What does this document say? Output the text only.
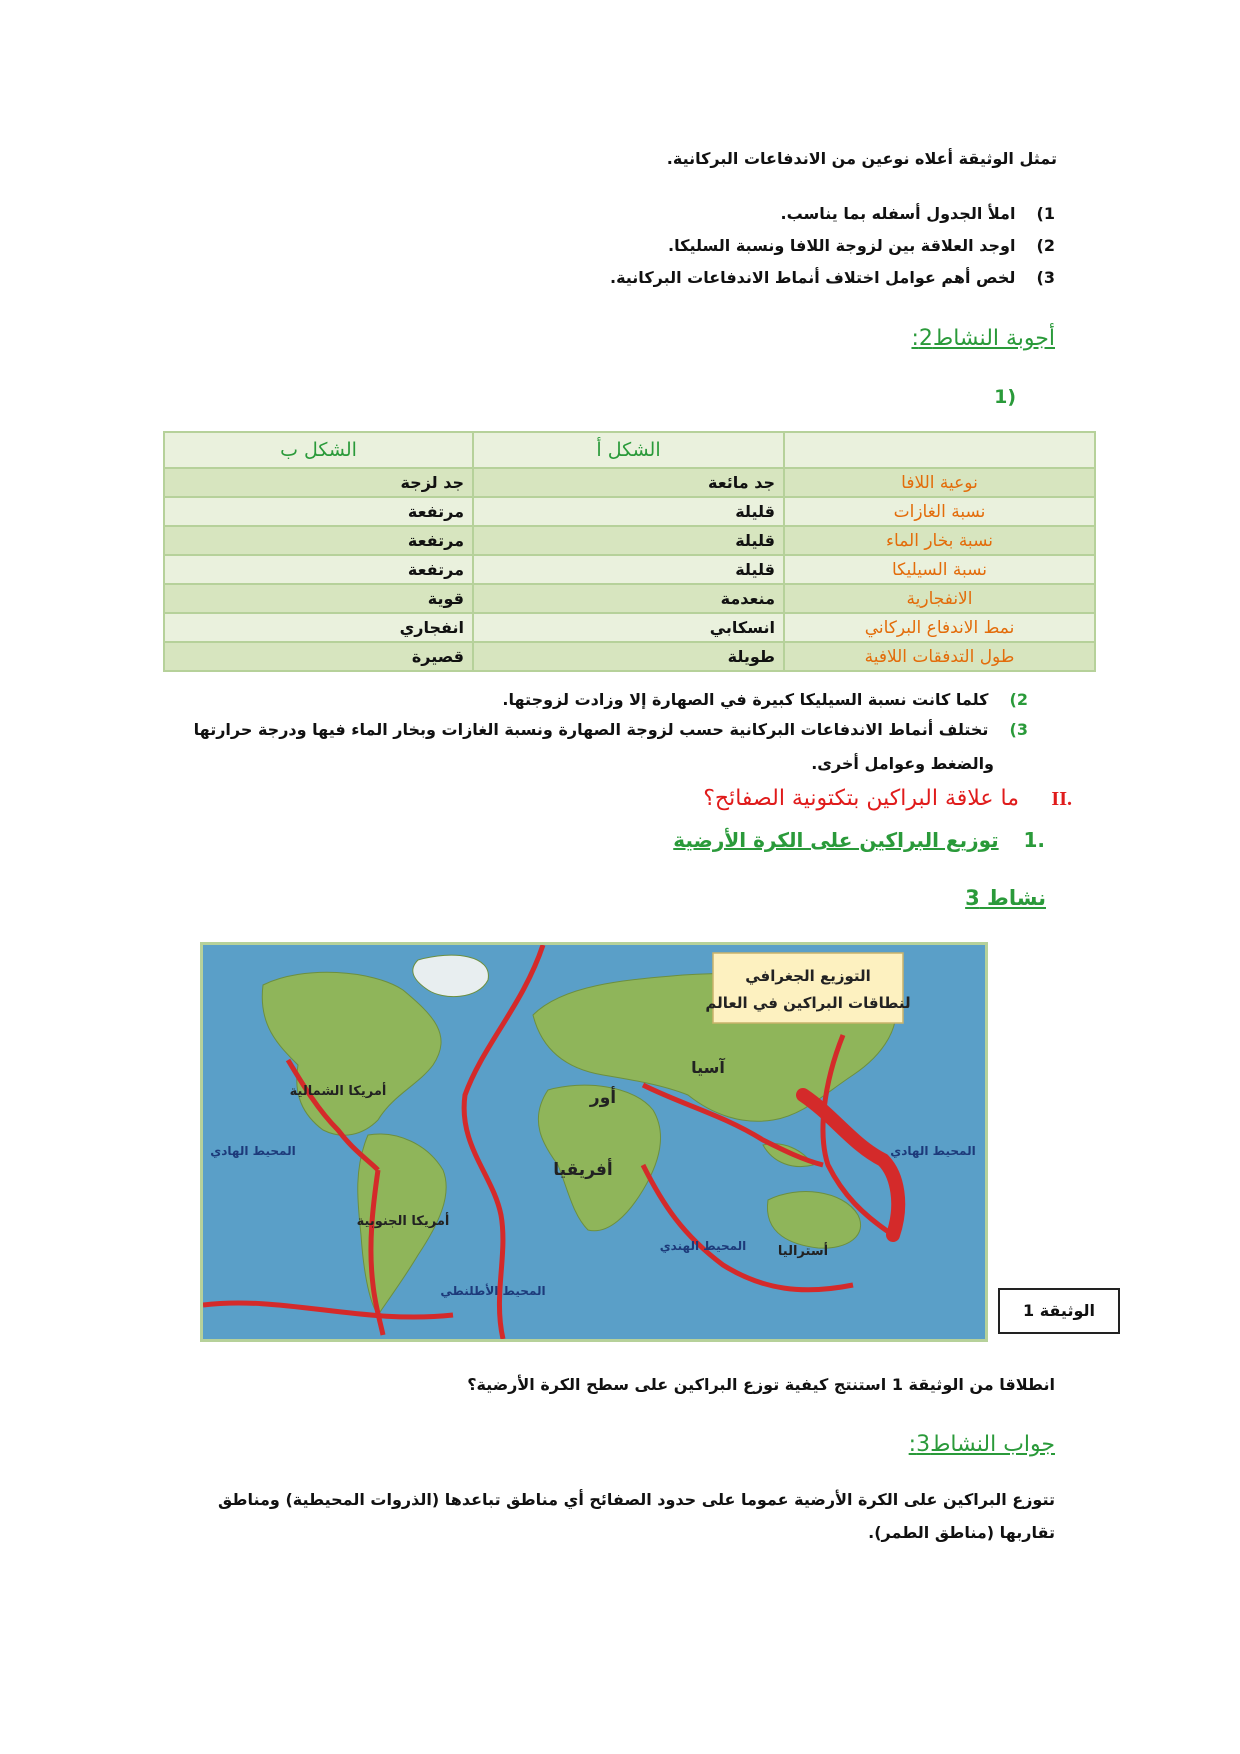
تمثل الوثيقة أعلاه نوعين من الاندفاعات البركانية.
1) املأ الجدول أسفله بما يناسب.
2) اوجد العلاقة بين لزوجة اللافا ونسبة السليكا.
3) لخص أهم عوامل اختلاف أنماط الاندفاعات البركانية.
أجوبة النشاط2:
(1
	الشكل أ	الشكل ب
نوعية اللافا	جد مائعة	جد لزجة
نسبة الغازات	قليلة	مرتفعة
نسبة بخار الماء	قليلة	مرتفعة
نسبة السيليكا	قليلة	مرتفعة
الانفجارية	منعدمة	قوية
نمط الاندفاع البركاني	انسكابي	انفجاري
طول التدفقات اللافية	طويلة	قصيرة
2) كلما كانت نسبة السيليكا كبيرة في الصهارة إلا وزادت لزوجتها.
3) تختلف أنماط الاندفاعات البركانية حسب لزوجة الصهارة ونسبة الغازات وبخار الماء فيها ودرجة حرارتها
والضغط وعوامل أخرى.
.II ما علاقة البراكين بتكتونية الصفائح؟
.1 توزيع البراكين على الكرة الأرضية
نشاط 3
التوزيع الجغرافي
لنطاقات البراكين في العالم
آسيا
أور
أفريقيا
أمريكا الشمالية
أمريكا الجنوبية
أستراليا
المحيط الهادي	المحيط الهادي
المحيط الأطلنطي
المحيط الهندي
الوثيقة 1
انطلاقا من الوثيقة 1 استنتج كيفية توزع البراكين على سطح الكرة الأرضية؟
جواب النشاط3:
تتوزع البراكين على الكرة الأرضية عموما على حدود الصفائح أي مناطق تباعدها (الذروات المحيطية) ومناطق
تقاربها (مناطق الطمر).
